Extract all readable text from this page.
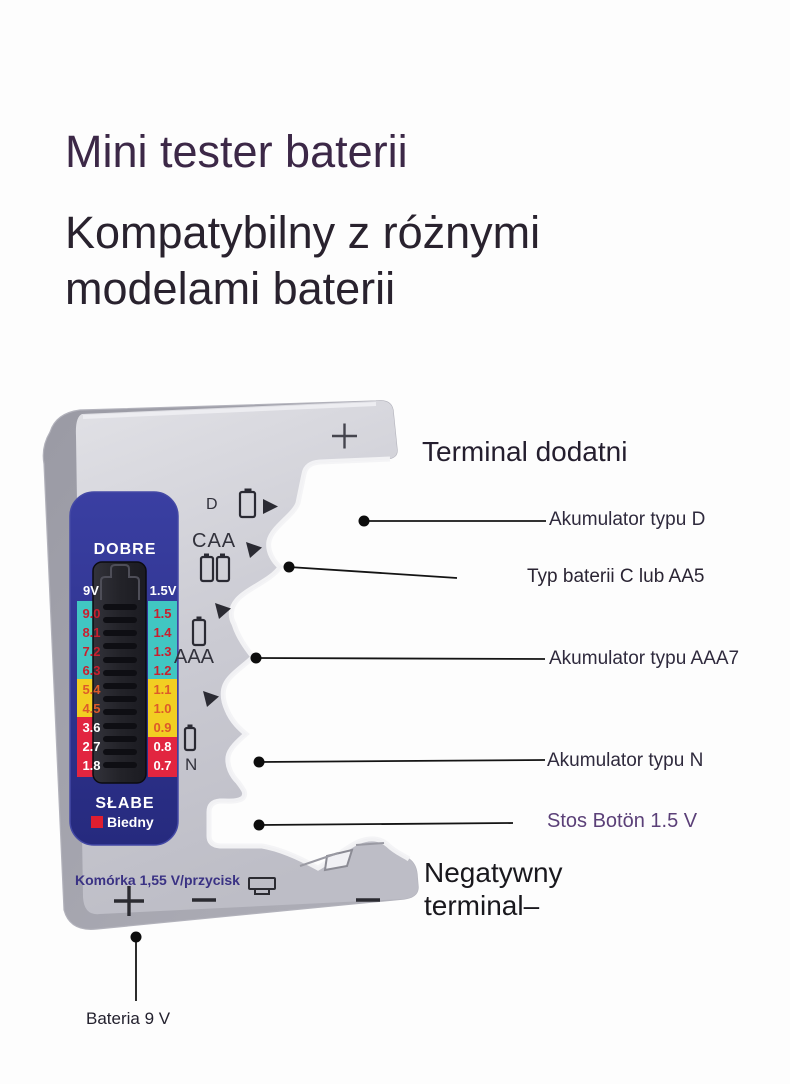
Mini tester baterii
Kompatybilny z różnymi
modelami baterii
Terminal dodatni
Akumulator typu D
Typ baterii C lub AA5
Akumulator typu AAA7
Akumulator typu N
Stos Botön 1.5 V
Negatywny
terminal–
Bateria 9 V
DOBRE
9V	1.5V
9.0
8.1
7.2
6.3
5.4
4.5
3.6
2.7
1.8
1.5
1.4
1.3
1.2
1.1
1.0
0.9
0.8
0.7
SŁABE
Biedny
D
CAA
AAA
N
Komórka 1,55 V/przycisk
